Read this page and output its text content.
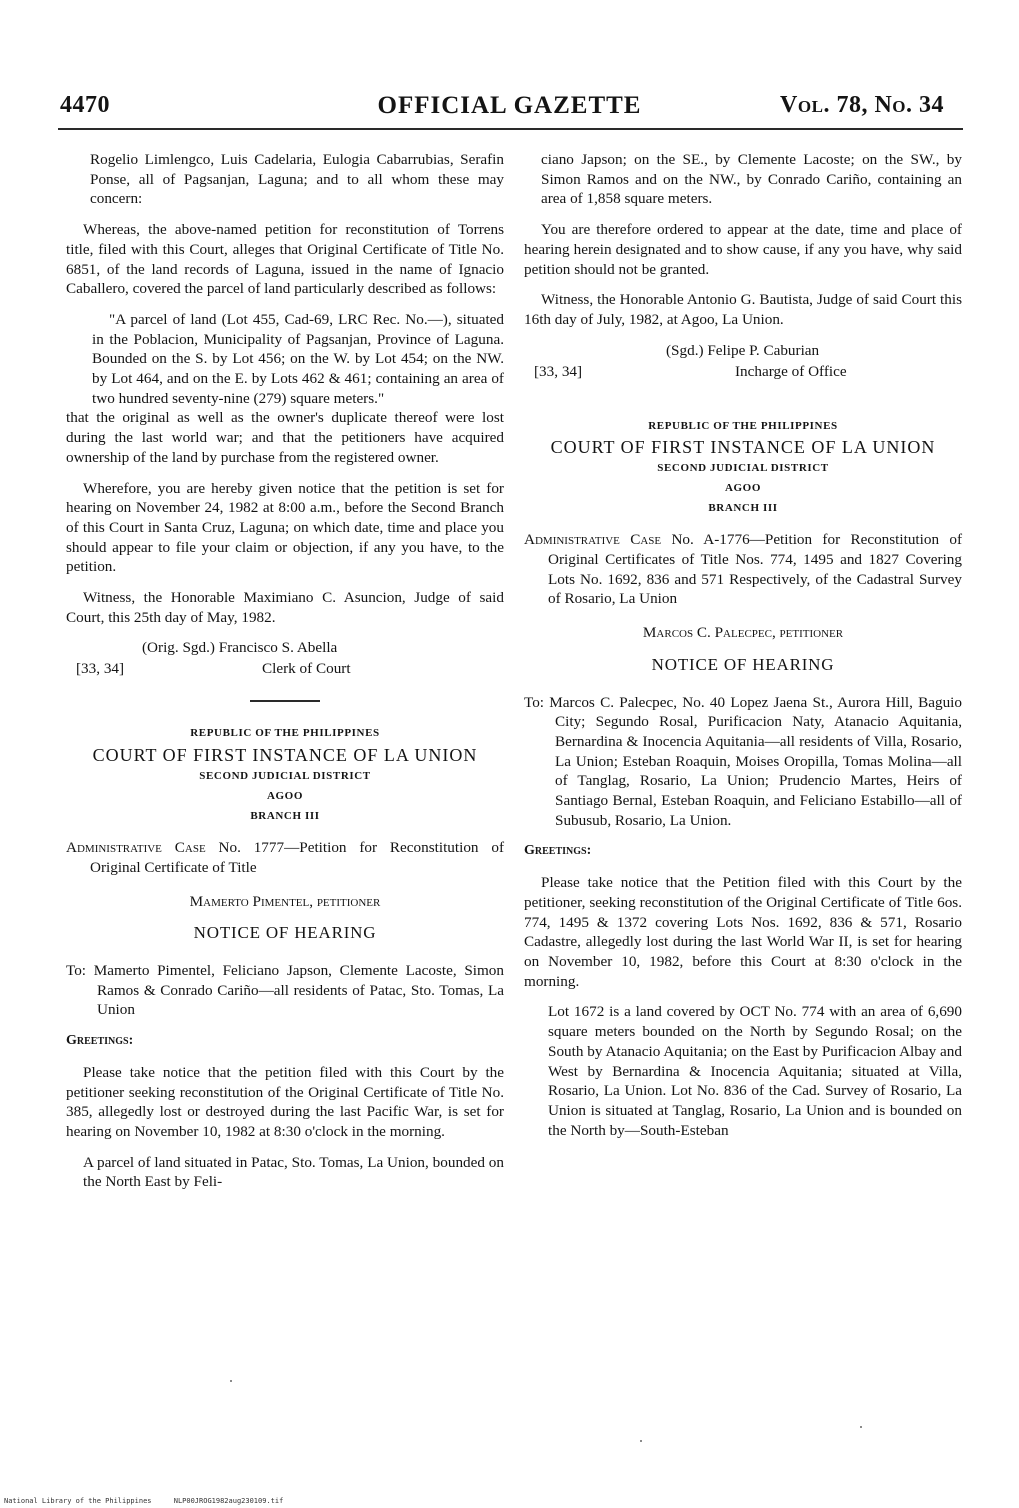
4470	OFFICIAL GAZETTE	Vol. 78, No. 34

Rogelio Limlengco, Luis Cadelaria, Eulogia Cabarrubias, Serafin Ponse, all of Pagsanjan, Laguna; and to all whom these may concern:

Whereas, the above-named petition for reconstitution of Torrens title, filed with this Court, alleges that Original Certificate of Title No. 6851, of the land records of Laguna, issued in the name of Ignacio Caballero, covered the parcel of land particularly described as follows:

"A parcel of land (Lot 455, Cad-69, LRC Rec. No.—), situated in the Poblacion, Municipality of Pagsanjan, Province of Laguna. Bounded on the S. by Lot 456; on the W. by Lot 454; on the NW. by Lot 464, and on the E. by Lots 462 & 461; containing an area of two hundred seventy-nine (279) square meters."

that the original as well as the owner's duplicate thereof were lost during the last world war; and that the petitioners have acquired ownership of the land by purchase from the registered owner.

Wherefore, you are hereby given notice that the petition is set for hearing on November 24, 1982 at 8:00 a.m., before the Second Branch of this Court in Santa Cruz, Laguna; on which date, time and place you should appear to file your claim or objection, if any you have, to the petition.

Witness, the Honorable Maximiano C. Asuncion, Judge of said Court, this 25th day of May, 1982.

(Orig. Sgd.) Francisco S. Abella
[33, 34]	Clerk of Court
REPUBLIC OF THE PHILIPPINES
COURT OF FIRST INSTANCE OF LA UNION
SECOND JUDICIAL DISTRICT
AGOO
BRANCH III

Administrative Case No. 1777—Petition for Reconstitution of Original Certificate of Title

Mamerto Pimentel, petitioner
NOTICE OF HEARING

To: Mamerto Pimentel, Feliciano Japson, Clemente Lacoste, Simon Ramos & Conrado Cariño—all residents of Patac, Sto. Tomas, La Union

Greetings:

Please take notice that the petition filed with this Court by the petitioner seeking reconstitution of the Original Certificate of Title No. 385, allegedly lost or destroyed during the last Pacific War, is set for hearing on November 10, 1982 at 8:30 o'clock in the morning.

A parcel of land situated in Patac, Sto. Tomas, La Union, bounded on the North East by Feli-

ciano Japson; on the SE., by Clemente Lacoste; on the SW., by Simon Ramos and on the NW., by Conrado Cariño, containing an area of 1,858 square meters.

You are therefore ordered to appear at the date, time and place of hearing herein designated and to show cause, if any you have, why said petition should not be granted.

Witness, the Honorable Antonio G. Bautista, Judge of said Court this 16th day of July, 1982, at Agoo, La Union.

(Sgd.) Felipe P. Caburian
[33, 34]	Incharge of Office
REPUBLIC OF THE PHILIPPINES
COURT OF FIRST INSTANCE OF LA UNION
SECOND JUDICIAL DISTRICT
AGOO
BRANCH III

Administrative Case No. A-1776—Petition for Reconstitution of Original Certificates of Title Nos. 774, 1495 and 1827 Covering Lots No. 1692, 836 and 571 Respectively, of the Cadastral Survey of Rosario, La Union

Marcos C. Palecpec, petitioner
NOTICE OF HEARING

To: Marcos C. Palecpec, No. 40 Lopez Jaena St., Aurora Hill, Baguio City; Segundo Rosal, Purificacion Naty, Atanacio Aquitania, Bernardina & Inocencia Aquitania—all residents of Villa, Rosario, La Union; Esteban Roaquin, Moises Oropilla, Tomas Molina—all of Tanglag, Rosario, La Union; Prudencio Martes, Heirs of Santiago Bernal, Esteban Roaquin, and Feliciano Estabillo—all of Subusub, Rosario, La Union.

Greetings:

Please take notice that the Petition filed with this Court by the petitioner, seeking reconstitution of the Original Certificate of Title 6os. 774, 1495 & 1372 covering Lots Nos. 1692, 836 & 571, Rosario Cadastre, allegedly lost during the last World War II, is set for hearing on November 10, 1982, before this Court at 8:30 o'clock in the morning.

Lot 1672 is a land covered by OCT No. 774 with an area of 6,690 square meters bounded on the North by Segundo Rosal; on the South by Atanacio Aquitania; on the East by Purificacion Albay and West by Bernardina & Inocencia Aquitania; situated at Villa, Rosario, La Union. Lot No. 836 of the Cad. Survey of Rosario, La Union is situated at Tanglag, Rosario, La Union and is bounded on the North by—South-Esteban

National Library of the Philippines	NLP00JROG1982aug230109.tif
